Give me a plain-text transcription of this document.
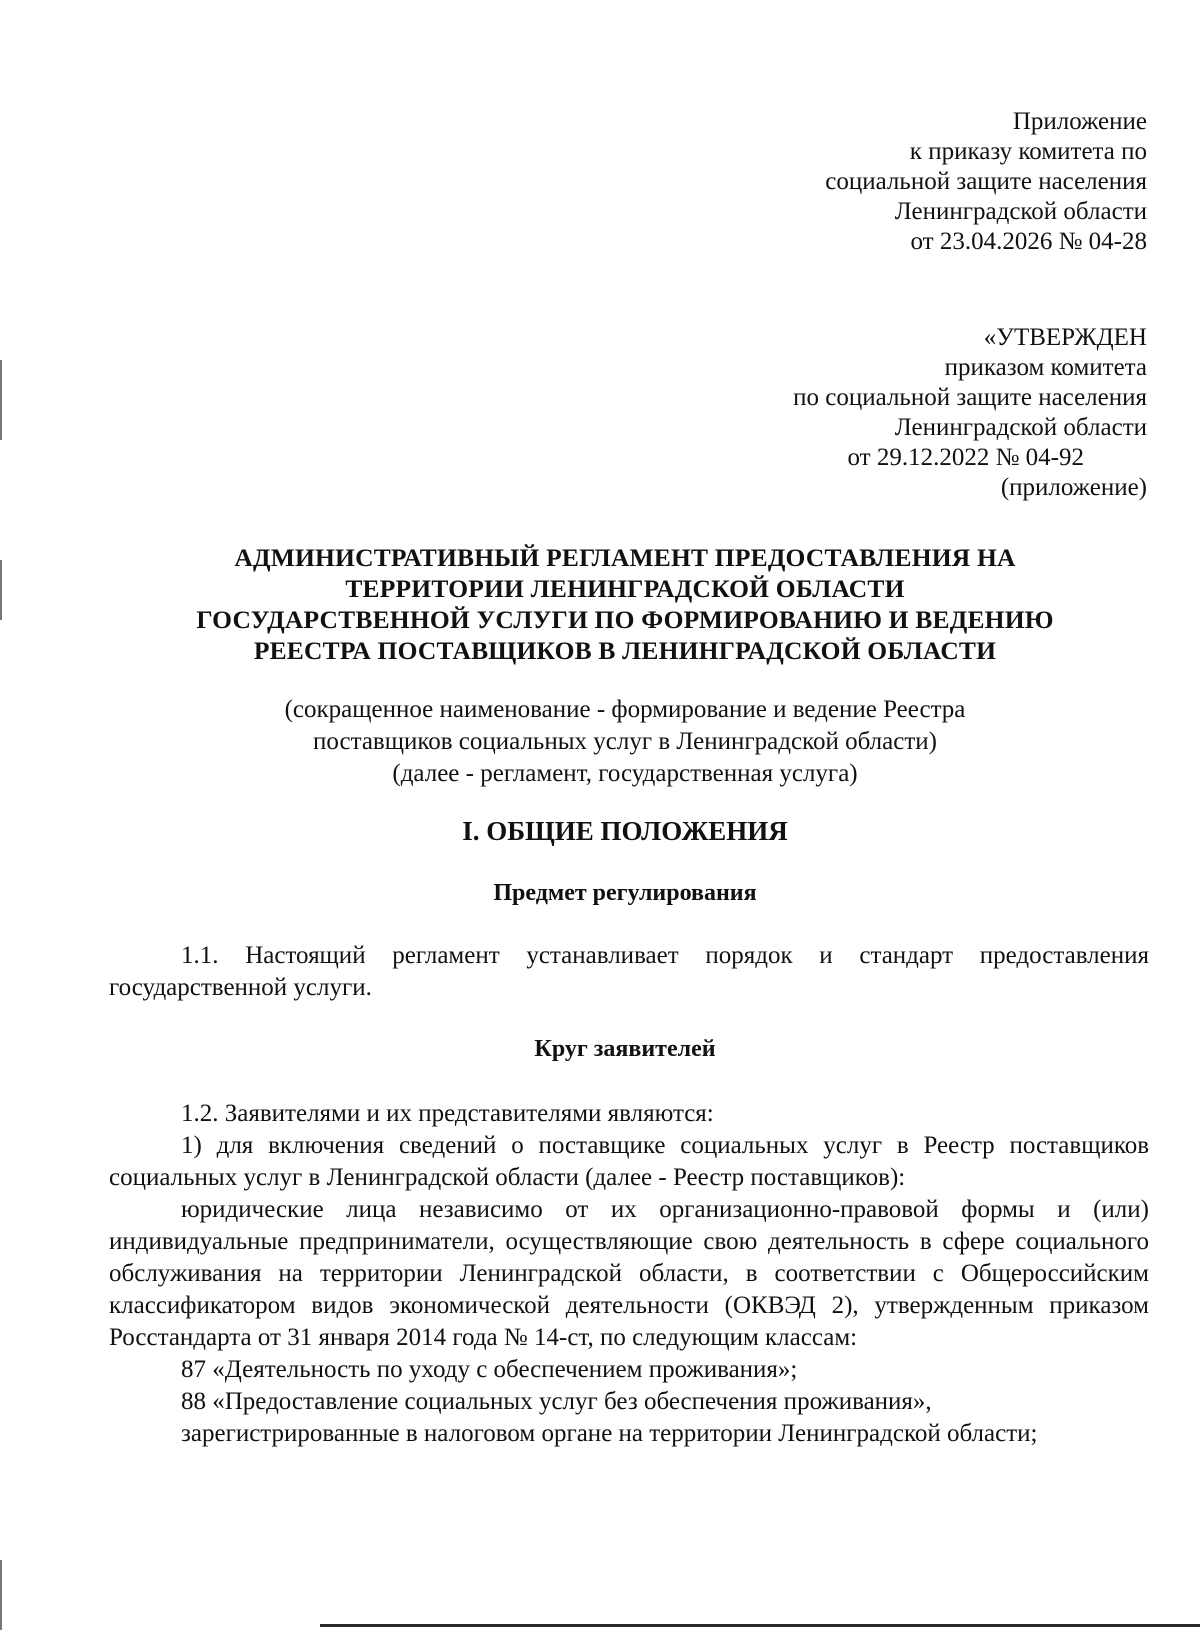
Приложение
к приказу комитета по
социальной защите населения
Ленинградской области
от 23.04.2026 № 04-28
«УТВЕРЖДЕН
приказом комитета
по социальной защите населения
Ленинградской области
от 29.12.2022 № 04-92
(приложение)
АДМИНИСТРАТИВНЫЙ РЕГЛАМЕНТ ПРЕДОСТАВЛЕНИЯ НА
ТЕРРИТОРИИ ЛЕНИНГРАДСКОЙ ОБЛАСТИ
ГОСУДАРСТВЕННОЙ УСЛУГИ ПО ФОРМИРОВАНИЮ И ВЕДЕНИЮ
РЕЕСТРА ПОСТАВЩИКОВ В ЛЕНИНГРАДСКОЙ ОБЛАСТИ
(сокращенное наименование - формирование и ведение Реестра
поставщиков социальных услуг в Ленинградской области)
(далее - регламент, государственная услуга)
I. ОБЩИЕ ПОЛОЖЕНИЯ
Предмет регулирования

1.1. Настоящий регламент устанавливает порядок и стандарт предоставления государственной услуги.

Круг заявителей

1.2. Заявителями и их представителями являются:

1) для включения сведений о поставщике социальных услуг в Реестр поставщиков социальных услуг в Ленинградской области (далее - Реестр поставщиков):

юридические лица независимо от их организационно-правовой формы и (или) индивидуальные предприниматели, осуществляющие свою деятельность в сфере социального обслуживания на территории Ленинградской области, в соответствии с Общероссийским классификатором видов экономической деятельности (ОКВЭД 2), утвержденным приказом Росстандарта от 31 января 2014 года № 14-ст, по следующим классам:

87 «Деятельность по уходу с обеспечением проживания»;

88 «Предоставление социальных услуг без обеспечения проживания»,

зарегистрированные в налоговом органе на территории Ленинградской области;
